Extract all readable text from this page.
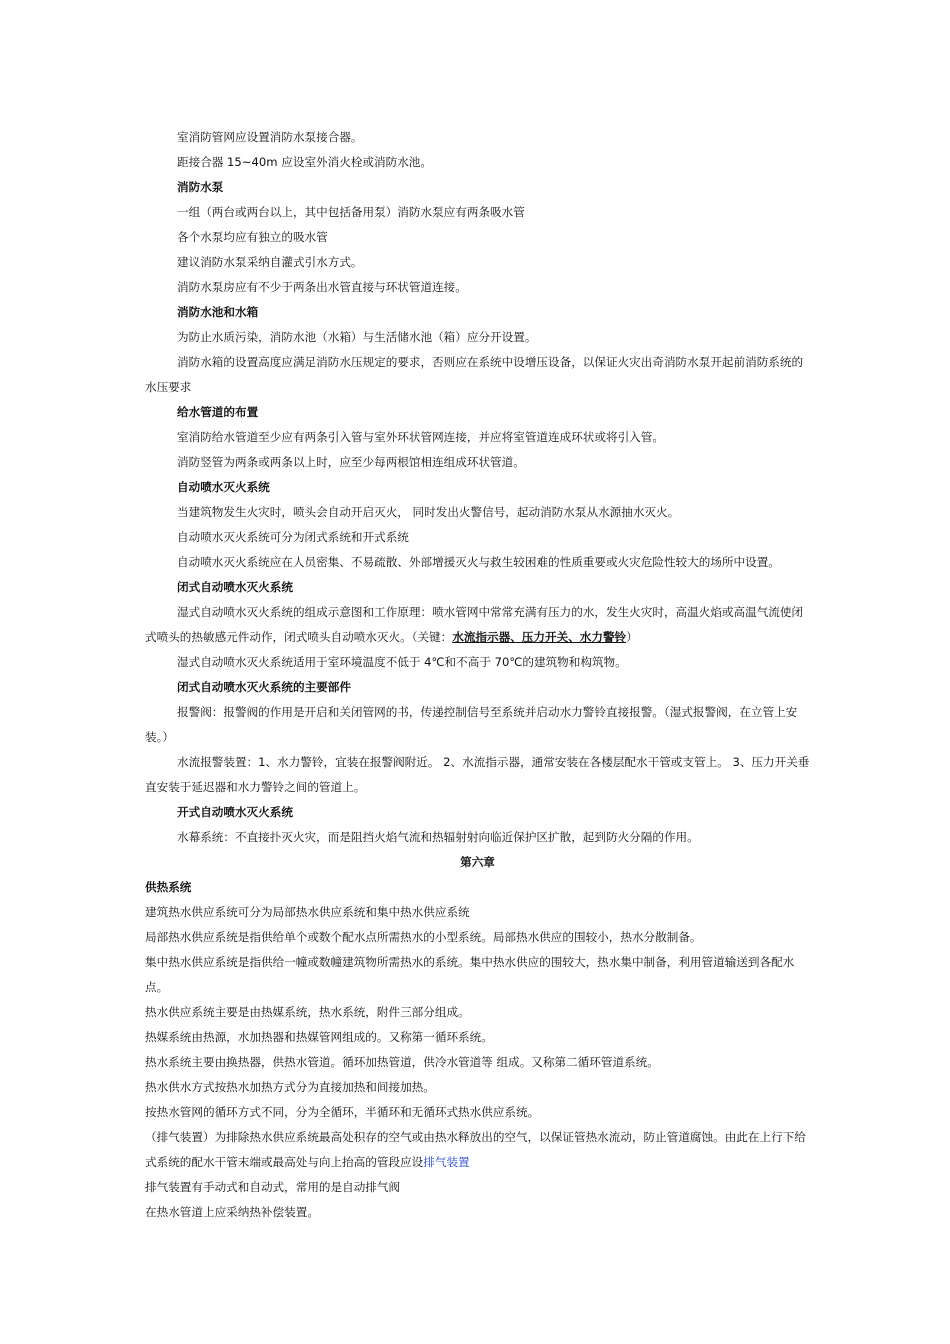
室消防管网应设置消防水泵接合器。

距接合器 15~40m 应设室外消火栓或消防水池。

消防水泵

一组（两台或两台以上，其中包括备用泵）消防水泵应有两条吸水管

各个水泵均应有独立的吸水管

建议消防水泵采纳自灌式引水方式。

消防水泵房应有不少于两条出水管直接与环状管道连接。

消防水池和水箱

为防止水质污染，消防水池（水箱）与生活储水池（箱）应分开设置。

消防水箱的设置高度应满足消防水压规定的要求，否则应在系统中设增压设备，以保证火灾出奇消防水泵开起前消防系统的水压要求

给水管道的布置

室消防给水管道至少应有两条引入管与室外环状管网连接，并应将室管道连成环状或将引入管。

消防竖管为两条或两条以上时，应至少每两根馆相连组成环状管道。

自动喷水灭火系统

当建筑物发生火灾时，喷头会自动开启灭火， 同时发出火警信号，起动消防水泵从水源抽水灭火。

自动喷水灭火系统可分为闭式系统和开式系统

自动喷水灭火系统应在人员密集、不易疏散、外部增援灭火与救生较困难的性质重要或火灾危险性较大的场所中设置。

闭式自动喷水灭火系统

湿式自动喷水灭火系统的组成示意图和工作原理：喷水管网中常常充满有压力的水，发生火灾时，高温火焰或高温气流使闭式喷头的热敏感元件动作，闭式喷头自动喷水灭火。（关键：水流指示器、压力开关、水力警铃）

湿式自动喷水灭火系统适用于室环境温度不低于 4℃和不高于 70℃的建筑物和构筑物。

闭式自动喷水灭火系统的主要部件

报警阀：报警阀的作用是开启和关闭管网的书，传递控制信号至系统并启动水力警铃直接报警。（湿式报警阀，在立管上安装。）

水流报警装置：1、水力警铃，宜装在报警阀附近。 2、水流指示器，通常安装在各楼层配水干管或支管上。 3、压力开关垂直安装于延迟器和水力警铃之间的管道上。

开式自动喷水灭火系统

水幕系统：不直接扑灭火灾，而是阻挡火焰气流和热辐射射向临近保护区扩散，起到防火分隔的作用。

第六章

供热系统

建筑热水供应系统可分为局部热水供应系统和集中热水供应系统

局部热水供应系统是指供给单个或数个配水点所需热水的小型系统。局部热水供应的围较小，热水分散制备。

集中热水供应系统是指供给一幢或数幢建筑物所需热水的系统。集中热水供应的围较大，热水集中制备，利用管道输送到各配水点。

热水供应系统主要是由热媒系统，热水系统，附件三部分组成。

热媒系统由热源，水加热器和热媒管网组成的。又称第一循环系统。

热水系统主要由换热器，供热水管道。循环加热管道，供冷水管道等 组成。又称第二循环管道系统。

热水供水方式按热水加热方式分为直接加热和间接加热。

按热水管网的循环方式不同，分为全循环，半循环和无循环式热水供应系统。

（排气装置）为排除热水供应系统最高处积存的空气或由热水释放出的空气，以保证管热水流动，防止管道腐蚀。由此在上行下给式系统的配水干管末端或最高处与向上抬高的管段应设排气装置

排气装置有手动式和自动式，常用的是自动排气阀

在热水管道上应采纳热补偿装置。
